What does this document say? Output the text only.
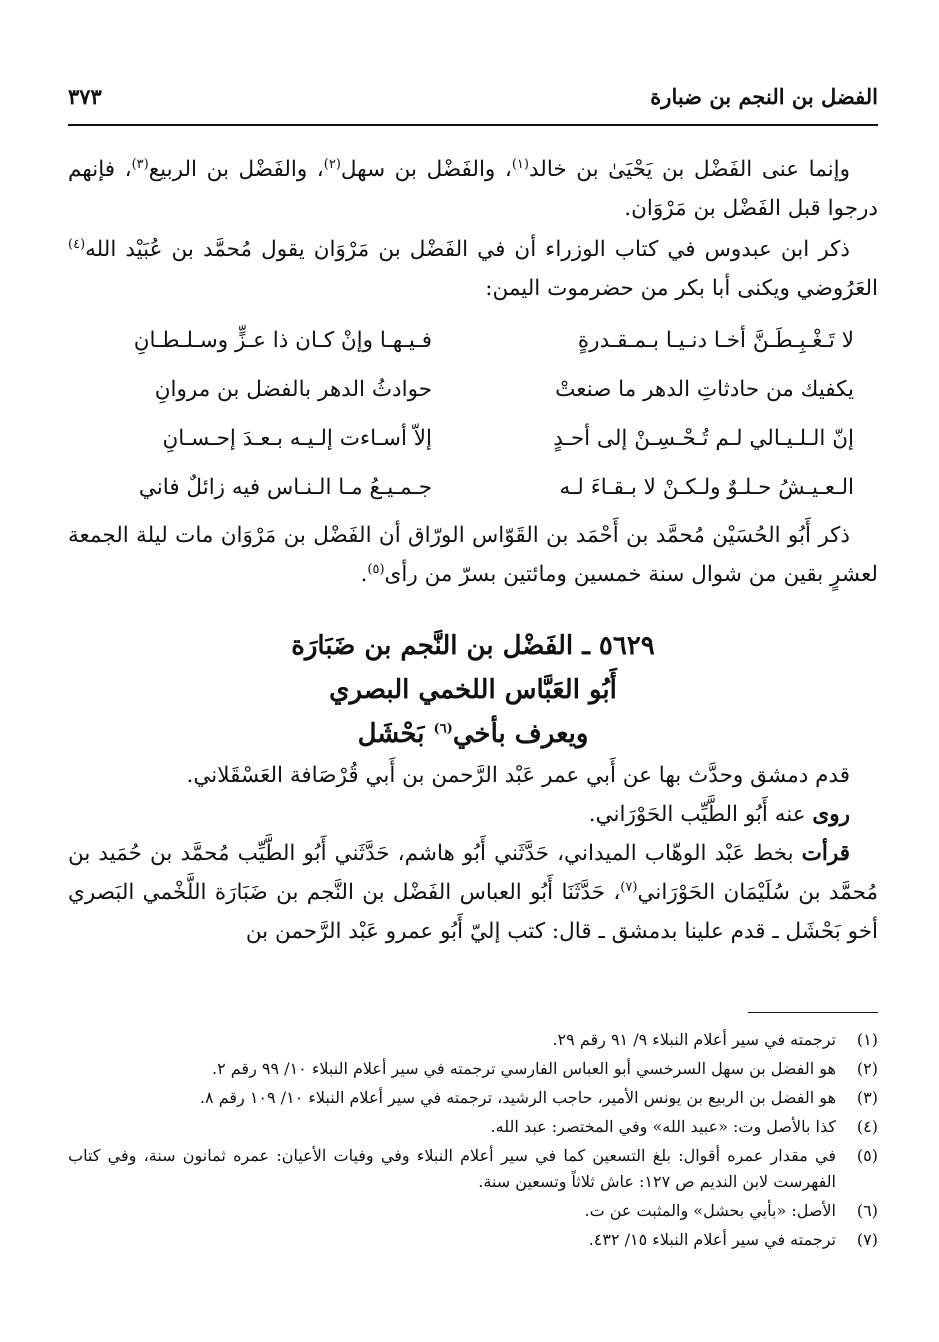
الفضل بن النجم بن ضبارة
٣٧٣

وإنما عنى الفَضْل بن يَحْيَىٰ بن خالد$^{(١)}$، والفَضْل بن سهل$^{(٢)}$، والفَضْل بن الربيع$^{(٣)}$، فإنهم درجوا قبل الفَضْل بن مَرْوَان.

ذكر ابن عبدوس في كتاب الوزراء أن في الفَضْل بن مَرْوَان يقول مُحمَّد بن عُبَيْد الله$^{(٤)}$ العَرُوضي ويكنى أبا بكر من حضرموت اليمن:

لا تَـغْـبِـطَـنَّ أخـا دنـيـا بـمـقـدرةٍ
فـيـهـا وإنْ كـان ذا عـزٍّ وسـلـطـانِ
يكفيك من حادثاتِ الدهر ما صنعتْ
حوادثُ الدهر بالفضل بن مروانِ
إنّ الـلـيـالي لـم تُـحْـسِـنْ إلى أحـدٍ
إلاّ أسـاءت إلـيـه بـعـدَ إحـسـانِ
الـعـيـشُ حـلـوٌ ولـكـنْ لا بـقـاءَ لـه
جـمـيـعُ مـا الـنـاس فيه زائلٌ فاني

ذكر أَبُو الحُسَيْن مُحمَّد بن أَحْمَد بن القَوّاس الورّاق أن الفَضْل بن مَرْوَان مات ليلة الجمعة لعشرٍ بقين من شوال سنة خمسين ومائتين بسرّ من رأى$^{(٥)}$.

٥٦٢٩ ـ الفَضْل بن النَّجم بن ضَبَارَة
أَبُو العَبَّاس اللخمي البصري
ويعرف بأخي$^{(٦)}$ بَحْشَل

قدم دمشق وحدَّث بها عن أَبي عمر عَبْد الرَّحمن بن أَبي قُرْصَافة العَسْقَلاني.

روى عنه أَبُو الطَّيِّب الحَوْرَاني.

قرأت بخط عَبْد الوهّاب الميداني، حَدَّثَني أَبُو هاشم، حَدَّثَني أَبُو الطَّيِّب مُحمَّد بن حُمَيد بن مُحمَّد بن سُلَيْمَان الحَوْرَاني$^{(٧)}$، حَدَّثَنَا أَبُو العباس الفَضْل بن النَّجم بن ضَبَارَة اللَّخْمي البَصري أخو بَحْشَل ـ قدم علينا بدمشق ـ قال: كتب إليّ أَبُو عمرو عَبْد الرَّحمن بن

(١)
ترجمته في سير أعلام النبلاء ٩/ ٩١ رقم ٢٩.
(٢)
هو الفضل بن سهل السرخسي أبو العباس الفارسي ترجمته في سير أعلام النبلاء ١٠/ ٩٩ رقم ٢.
(٣)
هو الفضل بن الربيع بن يونس الأمير، حاجب الرشيد، ترجمته في سير أعلام النبلاء ١٠/ ١٠٩ رقم ٨.
(٤)
كذا بالأصل وت: «عبيد الله» وفي المختصر: عبد الله.
(٥)
في مقدار عمره أقوال: بلغ التسعين كما في سير أعلام النبلاء وفي وفيات الأعيان: عمره ثمانون سنة، وفي كتاب الفهرست لابن النديم ص ١٢٧: عاش ثلاثاً وتسعين سنة.
(٦)
الأصل: «بأبي بحشل» والمثبت عن ت.
(٧)
ترجمته في سير أعلام النبلاء ١٥/ ٤٣٢.
